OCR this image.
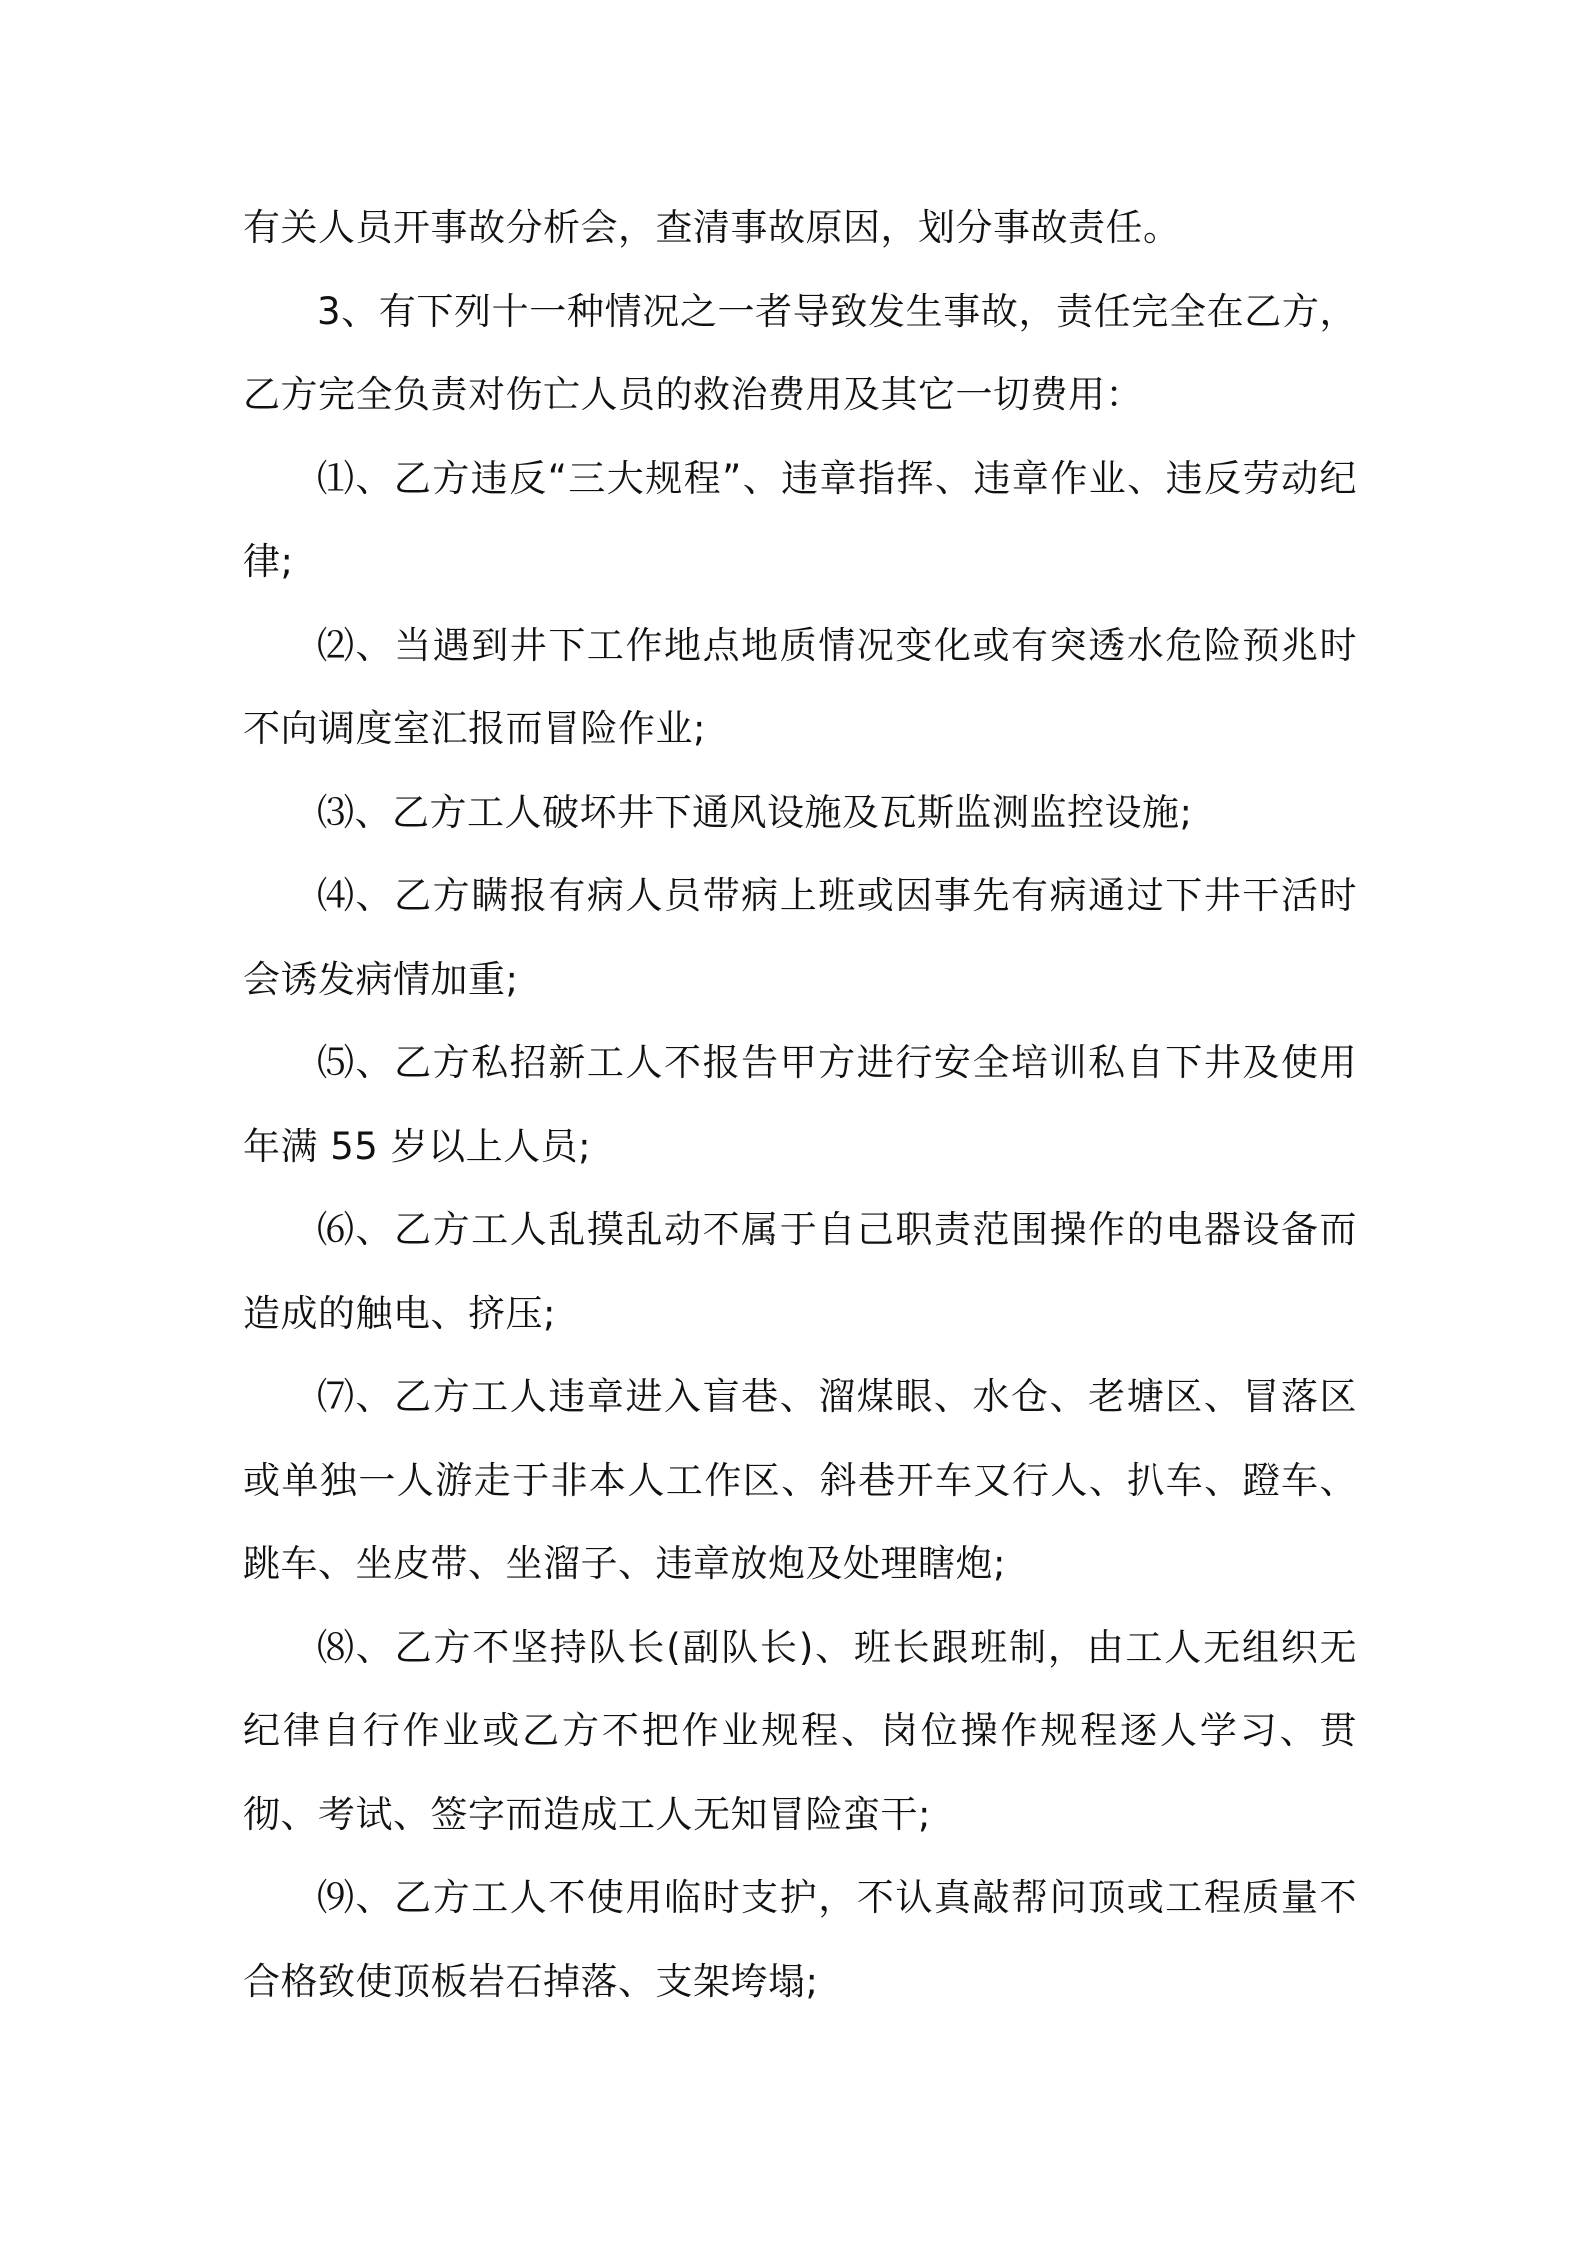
有关人员开事故分析会，查清事故原因，划分事故责任。

3、有下列十一种情况之一者导致发生事故，责任完全在乙方，乙方完全负责对伤亡人员的救治费用及其它一切费用：

⑴、乙方违反“三大规程”、违章指挥、违章作业、违反劳动纪律;

⑵、当遇到井下工作地点地质情况变化或有突透水危险预兆时不向调度室汇报而冒险作业;

⑶、乙方工人破坏井下通风设施及瓦斯监测监控设施;

⑷、乙方瞒报有病人员带病上班或因事先有病通过下井干活时会诱发病情加重;

⑸、乙方私招新工人不报告甲方进行安全培训私自下井及使用年满 55 岁以上人员;

⑹、乙方工人乱摸乱动不属于自己职责范围操作的电器设备而造成的触电、挤压;

⑺、乙方工人违章进入盲巷、溜煤眼、水仓、老塘区、冒落区或单独一人游走于非本人工作区、斜巷开车又行人、扒车、蹬车、跳车、坐皮带、坐溜子、违章放炮及处理瞎炮;

⑻、乙方不坚持队长(副队长)、班长跟班制，由工人无组织无纪律自行作业或乙方不把作业规程、岗位操作规程逐人学习、贯彻、考试、签字而造成工人无知冒险蛮干;

⑼、乙方工人不使用临时支护，不认真敲帮问顶或工程质量不合格致使顶板岩石掉落、支架垮塌;
